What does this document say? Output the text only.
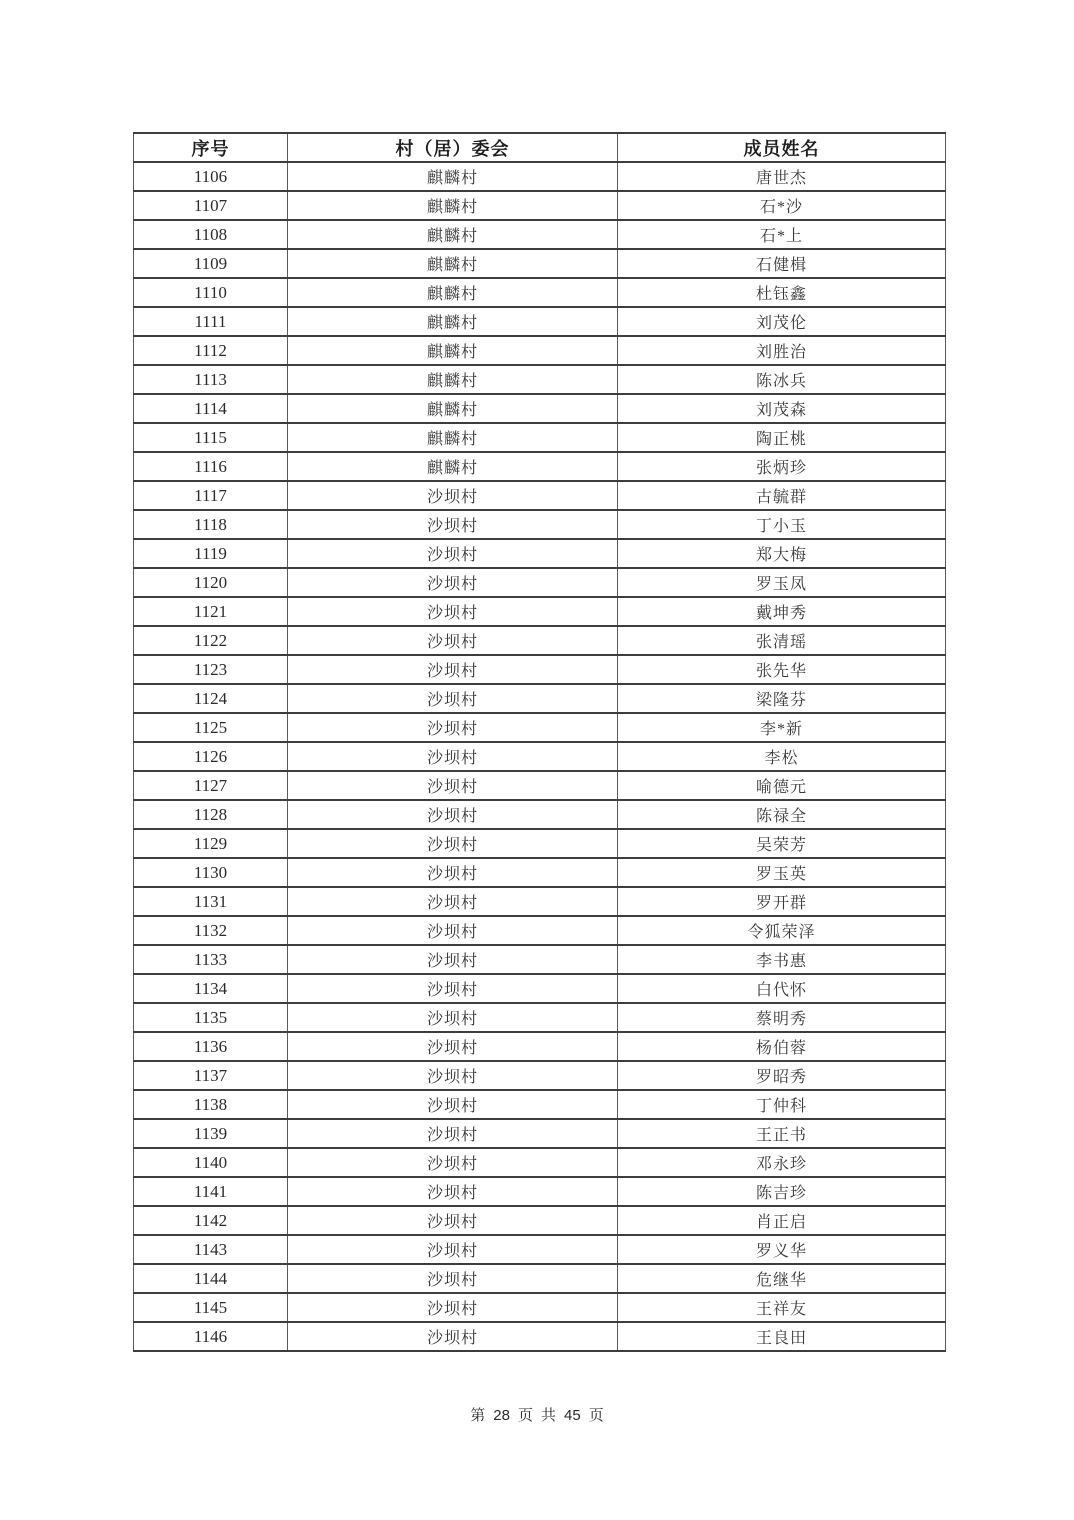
序号	村（居）委会	成员姓名
1106	麒麟村	唐世杰
1107	麒麟村	石*沙
1108	麒麟村	石*上
1109	麒麟村	石健楫
1110	麒麟村	杜钰鑫
1111	麒麟村	刘茂伦
1112	麒麟村	刘胜治
1113	麒麟村	陈冰兵
1114	麒麟村	刘茂森
1115	麒麟村	陶正桃
1116	麒麟村	张炳珍
1117	沙坝村	古毓群
1118	沙坝村	丁小玉
1119	沙坝村	郑大梅
1120	沙坝村	罗玉凤
1121	沙坝村	戴坤秀
1122	沙坝村	张清瑶
1123	沙坝村	张先华
1124	沙坝村	梁隆芬
1125	沙坝村	李*新
1126	沙坝村	李松
1127	沙坝村	喻德元
1128	沙坝村	陈禄全
1129	沙坝村	吴荣芳
1130	沙坝村	罗玉英
1131	沙坝村	罗开群
1132	沙坝村	令狐荣泽
1133	沙坝村	李书惠
1134	沙坝村	白代怀
1135	沙坝村	蔡明秀
1136	沙坝村	杨伯蓉
1137	沙坝村	罗昭秀
1138	沙坝村	丁仲科
1139	沙坝村	王正书
1140	沙坝村	邓永珍
1141	沙坝村	陈吉珍
1142	沙坝村	肖正启
1143	沙坝村	罗义华
1144	沙坝村	危继华
1145	沙坝村	王祥友
1146	沙坝村	王良田
第 28 页 共 45 页
